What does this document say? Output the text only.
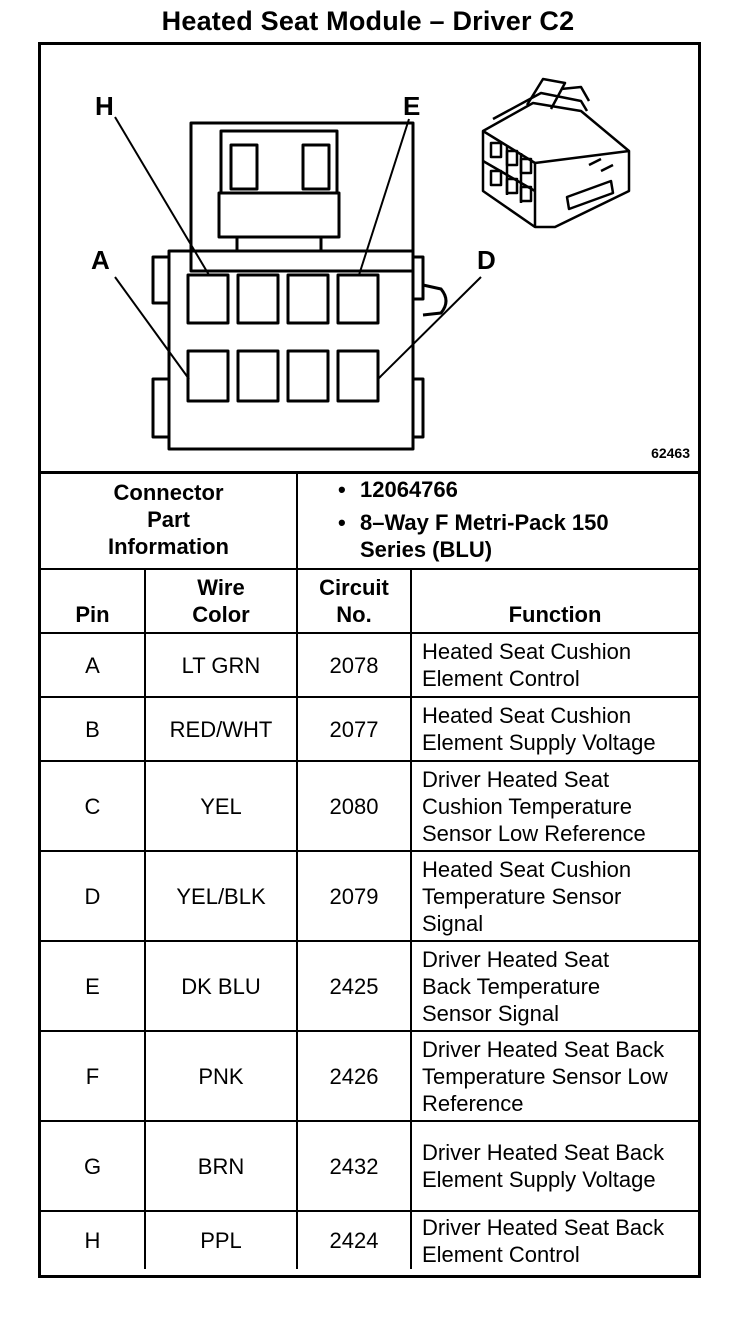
Heated Seat Module – Driver C2
H	E
A	D
62463
Connector Part Information		• 12064766
• 8–Way F Metri-Pack 150 Series (BLU)

Pin	Wire Color	Circuit No.	Function
A	LT GRN	2078	Heated Seat Cushion Element Control

B	RED/WHT	2077	Heated Seat Cushion Element Supply Voltage

C	YEL	2080	Driver Heated Seat Cushion Temperature Sensor Low Reference

D	YEL/BLK	2079	Heated Seat Cushion Temperature Sensor Signal

E	DK BLU	2425	Driver Heated Seat Back Temperature Sensor Signal

F	PNK	2426	Driver Heated Seat Back Temperature Sensor Low Reference

G	BRN	2432	Driver Heated Seat Back Element Supply Voltage

H	PPL	2424	Driver Heated Seat Back Element Control
